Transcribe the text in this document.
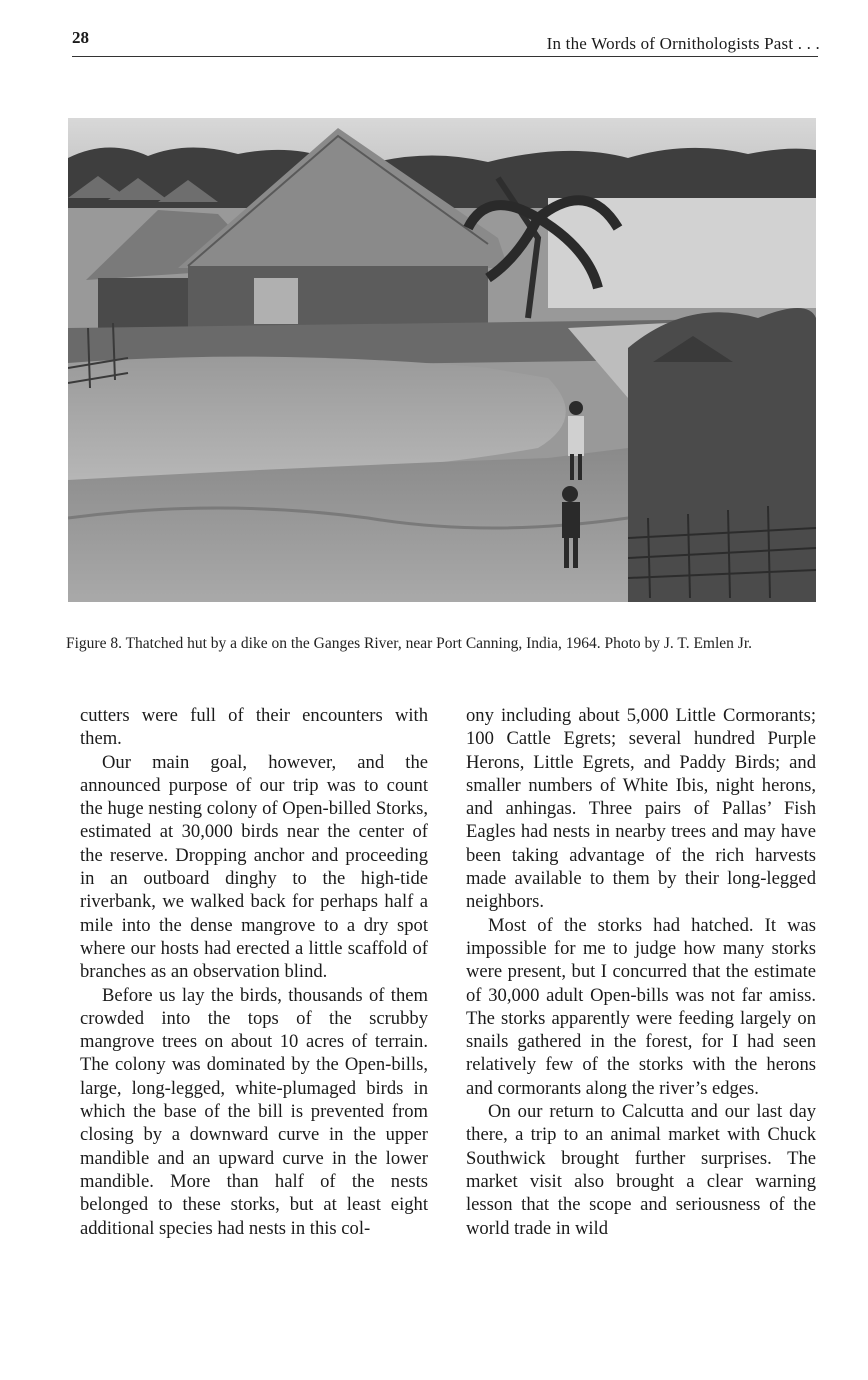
28	In the Words of Ornithologists Past . . .
Figure 8. Thatched hut by a dike on the Ganges River, near Port Canning, India, 1964. Photo by J. T. Emlen Jr.

cutters were full of their encounters with them.

Our main goal, however, and the announced purpose of our trip was to count the huge nesting colony of Open-billed Storks, estimated at 30,000 birds near the center of the reserve. Dropping anchor and proceeding in an outboard dinghy to the high-tide riverbank, we walked back for perhaps half a mile into the dense mangrove to a dry spot where our hosts had erected a little scaffold of branches as an observation blind.

Before us lay the birds, thousands of them crowded into the tops of the scrubby mangrove trees on about 10 acres of terrain. The colony was dominated by the Open-bills, large, long-legged, white-plumaged birds in which the base of the bill is prevented from closing by a downward curve in the upper mandible and an upward curve in the lower mandible. More than half of the nests belonged to these storks, but at least eight additional species had nests in this col-

ony including about 5,000 Little Cormorants; 100 Cattle Egrets; several hundred Purple Herons, Little Egrets, and Paddy Birds; and smaller numbers of White Ibis, night herons, and anhingas. Three pairs of Pallas’ Fish Eagles had nests in nearby trees and may have been taking advantage of the rich harvests made available to them by their long-legged neighbors.

Most of the storks had hatched. It was impossible for me to judge how many storks were present, but I concurred that the estimate of 30,000 adult Open-bills was not far amiss. The storks apparently were feeding largely on snails gathered in the forest, for I had seen relatively few of the storks with the herons and cormorants along the river’s edges.

On our return to Calcutta and our last day there, a trip to an animal market with Chuck Southwick brought further surprises. The market visit also brought a clear warning lesson that the scope and seriousness of the world trade in wild
